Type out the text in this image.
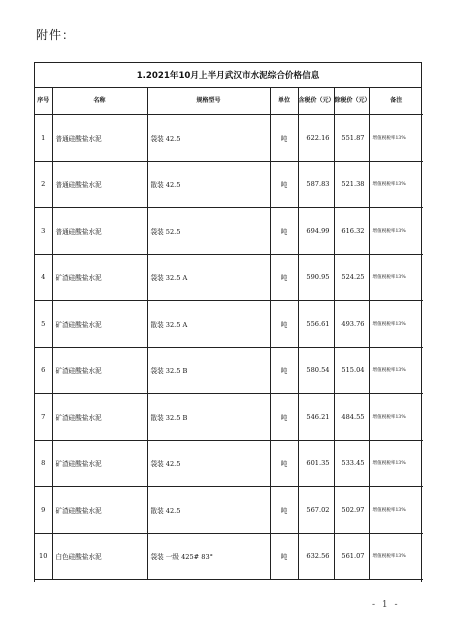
附件：
1.2021年10月上半月武汉市水泥综合价格信息
序号	名称	规格型号	单位	含税价（元）	除税价（元）	备注
1	普通硅酸盐水泥	袋装 42.5	吨	622.16	551.87	增值税税率13%
2	普通硅酸盐水泥	散装 42.5	吨	587.83	521.38	增值税税率13%
3	普通硅酸盐水泥	袋装 52.5	吨	694.99	616.32	增值税税率13%
4	矿渣硅酸盐水泥	袋装 32.5 A	吨	590.95	524.25	增值税税率13%
5	矿渣硅酸盐水泥	散装 32.5 A	吨	556.61	493.76	增值税税率13%
6	矿渣硅酸盐水泥	袋装 32.5 B	吨	580.54	515.04	增值税税率13%
7	矿渣硅酸盐水泥	散装 32.5 B	吨	546.21	484.55	增值税税率13%
8	矿渣硅酸盐水泥	袋装 42.5	吨	601.35	533.45	增值税税率13%
9	矿渣硅酸盐水泥	散装 42.5	吨	567.02	502.97	增值税税率13%
10	白色硅酸盐水泥	袋装 一级 425# 83°	吨	632.56	561.07	增值税税率13%
- 1 -
